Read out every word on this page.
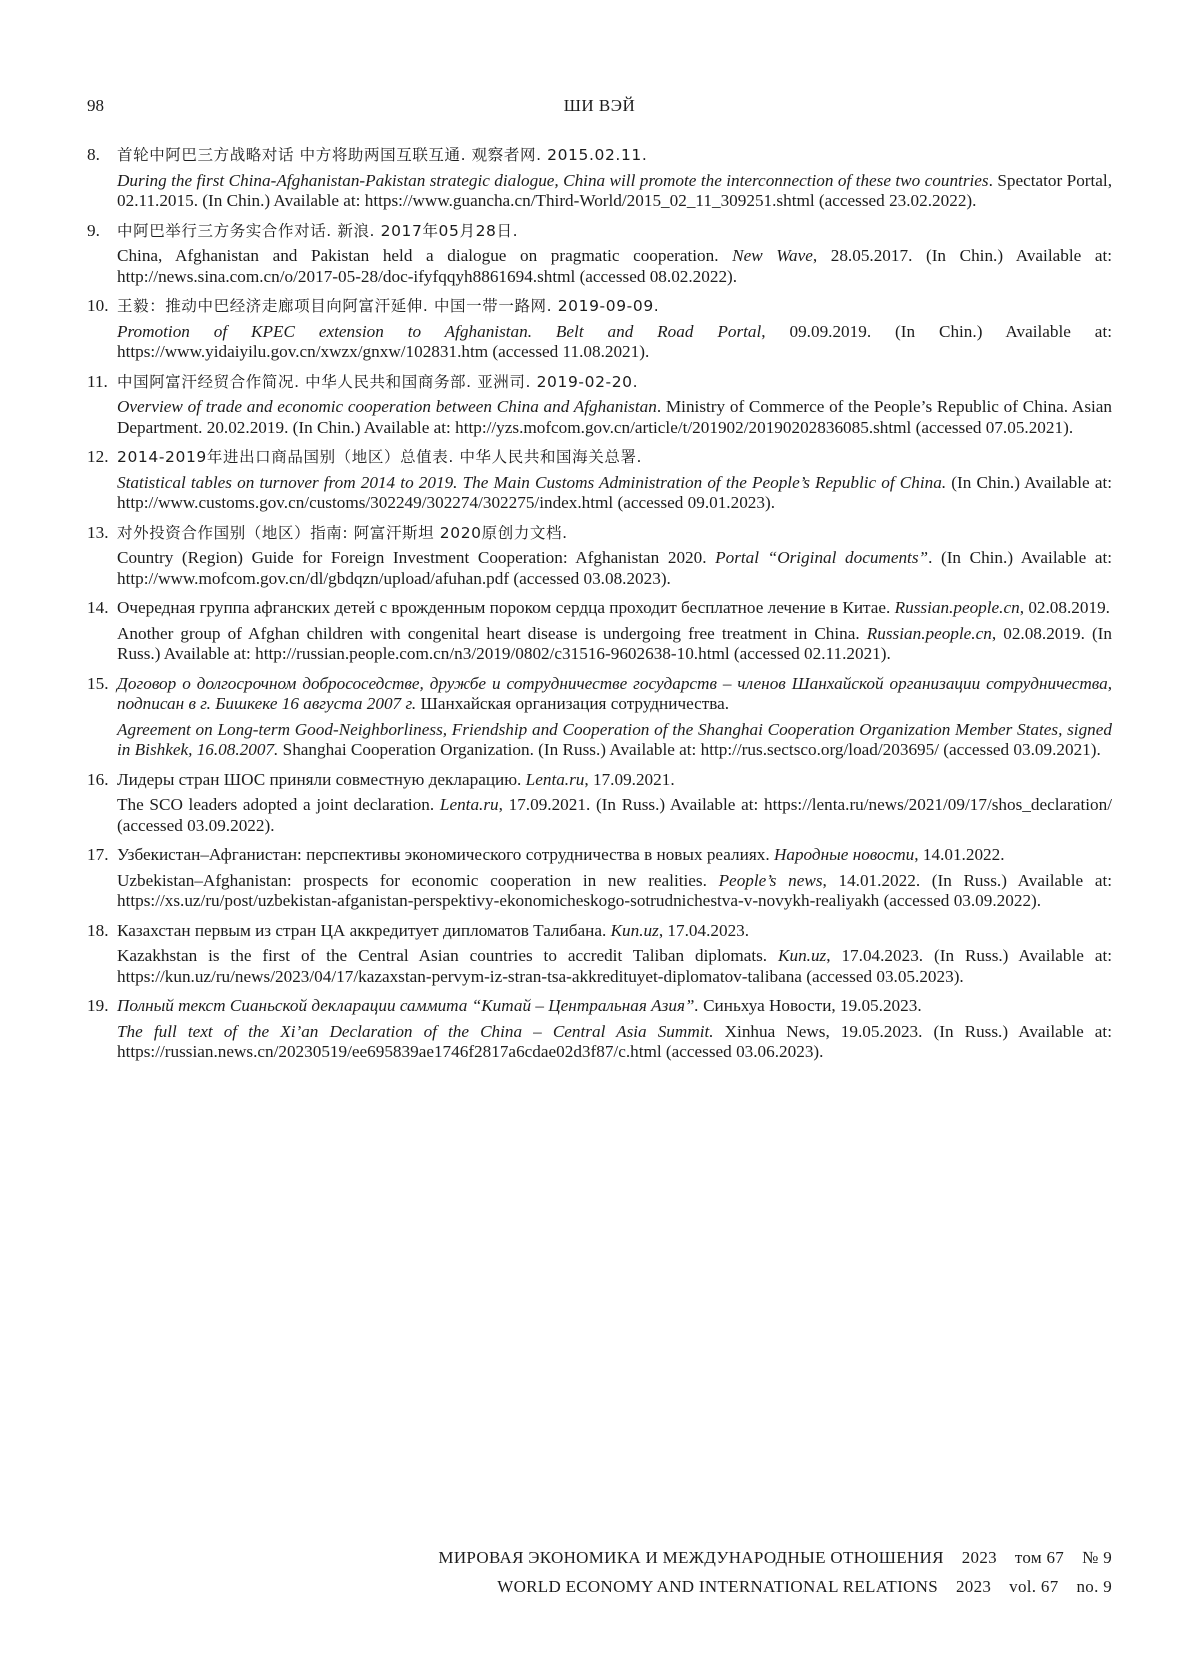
98	ШИ ВЭЙ
8. 首轮中阿巴三方战略对话 中方将助两国互联互通. 观察者网. 2015.02.11.
During the first China-Afghanistan-Pakistan strategic dialogue, China will promote the interconnection of these two countries. Spectator Portal, 02.11.2015. (In Chin.) Available at: https://www.guancha.cn/Third-World/2015_02_11_309251.shtml (accessed 23.02.2022).
9. 中阿巴举行三方务实合作对话. 新浪. 2017年05月28日.
China, Afghanistan and Pakistan held a dialogue on pragmatic cooperation. New Wave, 28.05.2017. (In Chin.) Available at: http://news.sina.com.cn/o/2017-05-28/doc-ifyfqqyh8861694.shtml (accessed 08.02.2022).
10. 王毅：推动中巴经济走廊项目向阿富汗延伸. 中国一带一路网. 2019-09-09.
Promotion of KPEC extension to Afghanistan. Belt and Road Portal, 09.09.2019. (In Chin.) Available at: https://www.yidaiyilu.gov.cn/xwzx/gnxw/102831.htm (accessed 11.08.2021).
11. 中国阿富汗经贸合作简况. 中华人民共和国商务部. 亚洲司. 2019-02-20.
Overview of trade and economic cooperation between China and Afghanistan. Ministry of Commerce of the People’s Republic of China. Asian Department. 20.02.2019. (In Chin.) Available at: http://yzs.mofcom.gov.cn/article/t/201902/20190202836085.shtml (accessed 07.05.2021).
12. 2014-2019年进出口商品国别（地区）总值表. 中华人民共和国海关总署.
Statistical tables on turnover from 2014 to 2019. The Main Customs Administration of the People’s Republic of China. (In Chin.) Available at: http://www.customs.gov.cn/customs/302249/302274/302275/index.html (accessed 09.01.2023).
13. 对外投资合作国别（地区）指南: 阿富汗斯坦 2020原创力文档.
Country (Region) Guide for Foreign Investment Cooperation: Afghanistan 2020. Portal “Original documents”. (In Chin.) Available at: http://www.mofcom.gov.cn/dl/gbdqzn/upload/afuhan.pdf (accessed 03.08.2023).
14. Очередная группа афганских детей с врожденным пороком сердца проходит бесплатное лечение в Китае. Russian.people.cn, 02.08.2019.
Another group of Afghan children with congenital heart disease is undergoing free treatment in China. Russian.people.cn, 02.08.2019. (In Russ.) Available at: http://russian.people.com.cn/n3/2019/0802/c31516-9602638-10.html (accessed 02.11.2021).
15. Договор о долгосрочном добрососедстве, дружбе и сотрудничестве государств – членов Шанхайской организации сотрудничества, подписан в г. Бишкеке 16 августа 2007 г. Шанхайская организация сотрудничества.
Agreement on Long-term Good-Neighborliness, Friendship and Cooperation of the Shanghai Cooperation Organization Member States, signed in Bishkek, 16.08.2007. Shanghai Cooperation Organization. (In Russ.) Available at: http://rus.sectsco.org/load/203695/ (accessed 03.09.2021).
16. Лидеры стран ШОС приняли совместную декларацию. Lenta.ru, 17.09.2021.
The SCO leaders adopted a joint declaration. Lenta.ru, 17.09.2021. (In Russ.) Available at: https://lenta.ru/news/2021/09/17/shos_declaration/ (accessed 03.09.2022).
17. Узбекистан–Афганистан: перспективы экономического сотрудничества в новых реалиях. Народные новости, 14.01.2022.
Uzbekistan–Afghanistan: prospects for economic cooperation in new realities. People’s news, 14.01.2022. (In Russ.) Available at: https://xs.uz/ru/post/uzbekistan-afganistan-perspektivy-ekonomicheskogo-sotrudnichestva-v-novykh-realiyakh (accessed 03.09.2022).
18. Казахстан первым из стран ЦА аккредитует дипломатов Талибана. Kun.uz, 17.04.2023.
Kazakhstan is the first of the Central Asian countries to accredit Taliban diplomats. Kun.uz, 17.04.2023. (In Russ.) Available at: https://kun.uz/ru/news/2023/04/17/kazaxstan-pervym-iz-stran-tsa-akkredituyet-diplomatov-talibana (accessed 03.05.2023).
19. Полный текст Сианьской декларации саммита “Китай – Центральная Азия”. Синьхуа Новости, 19.05.2023.
The full text of the Xi’an Declaration of the China – Central Asia Summit. Xinhua News, 19.05.2023. (In Russ.) Available at: https://russian.news.cn/20230519/ee695839ae1746f2817a6cdae02d3f87/c.html (accessed 03.06.2023).
МИРОВАЯ ЭКОНОМИКА И МЕЖДУНАРОДНЫЕ ОТНОШЕНИЯ 2023 том 67 № 9
WORLD ECONOMY AND INTERNATIONAL RELATIONS 2023 vol. 67 no. 9
